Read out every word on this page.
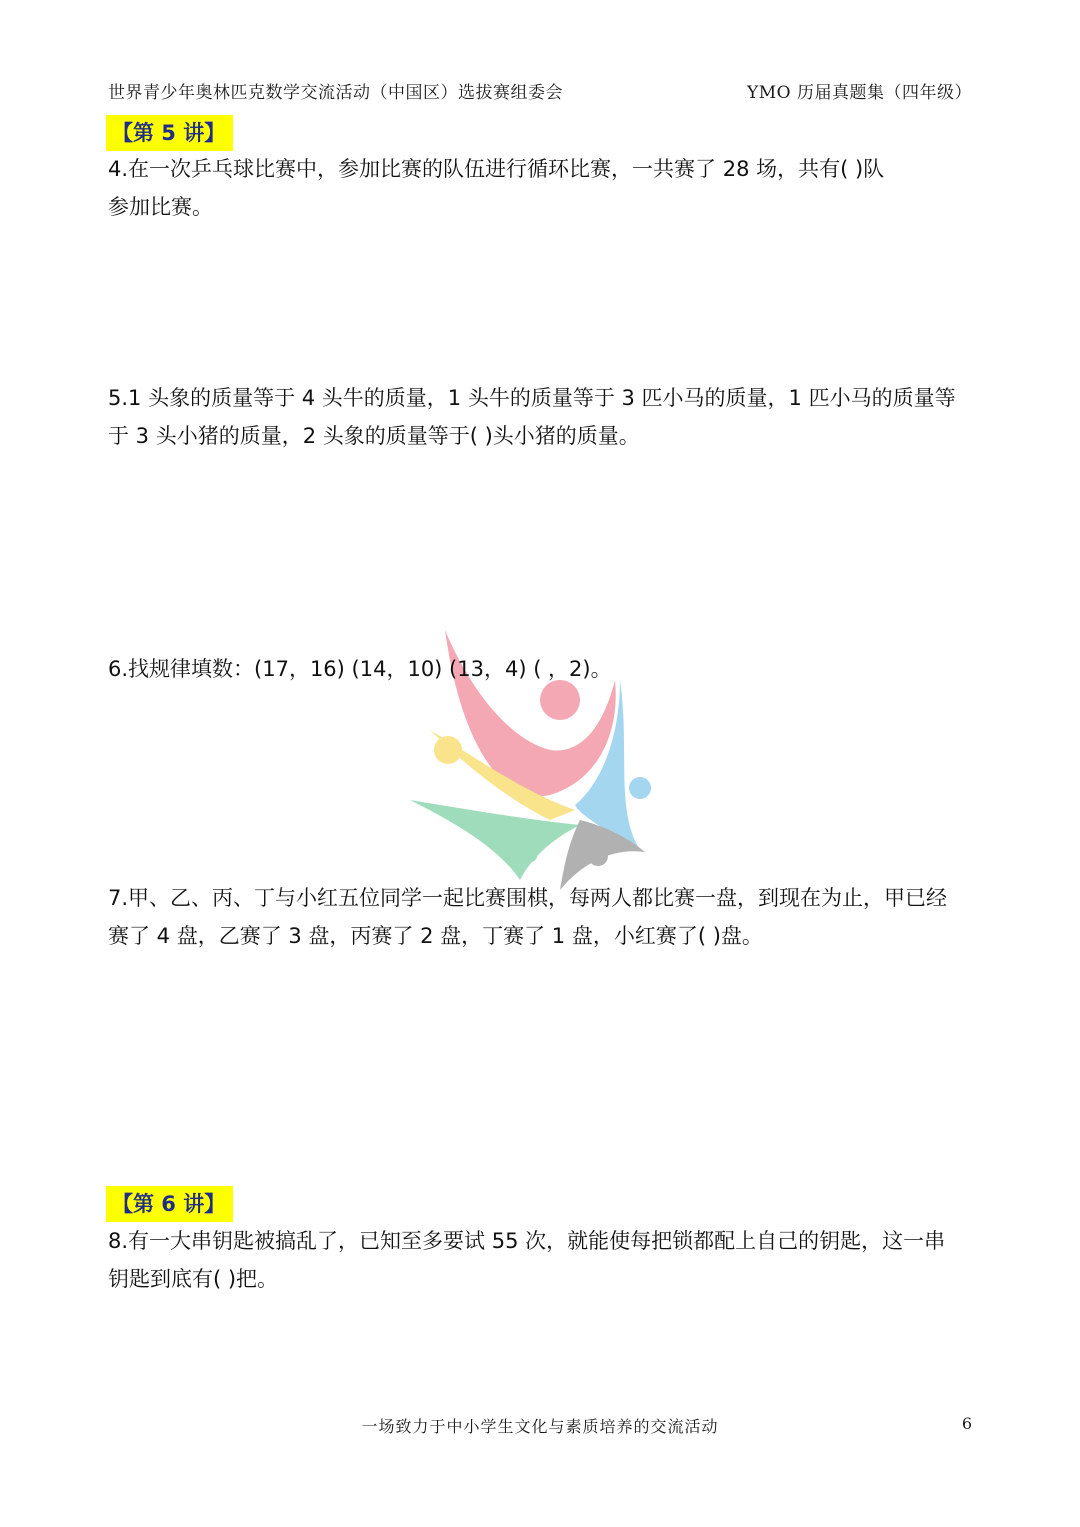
世界青少年奥林匹克数学交流活动（中国区）选拔赛组委会	YMO 历届真题集（四年级）
【第 5 讲】
4.在一次乒乓球比赛中，参加比赛的队伍进行循环比赛，一共赛了 28 场，共有( )队
参加比赛。
5.1 头象的质量等于 4 头牛的质量，1 头牛的质量等于 3 匹小马的质量，1 匹小马的质量等
于 3 头小猪的质量，2 头象的质量等于( )头小猪的质量。
6.找规律填数：(17，16) (14，10) (13，4) ( ，2)。
7.甲、乙、丙、丁与小红五位同学一起比赛围棋，每两人都比赛一盘，到现在为止，甲已经
赛了 4 盘，乙赛了 3 盘，丙赛了 2 盘，丁赛了 1 盘，小红赛了( )盘。
【第 6 讲】
8.有一大串钥匙被搞乱了，已知至多要试 55 次，就能使每把锁都配上自己的钥匙，这一串
钥匙到底有( )把。
一场致力于中小学生文化与素质培养的交流活动	6
